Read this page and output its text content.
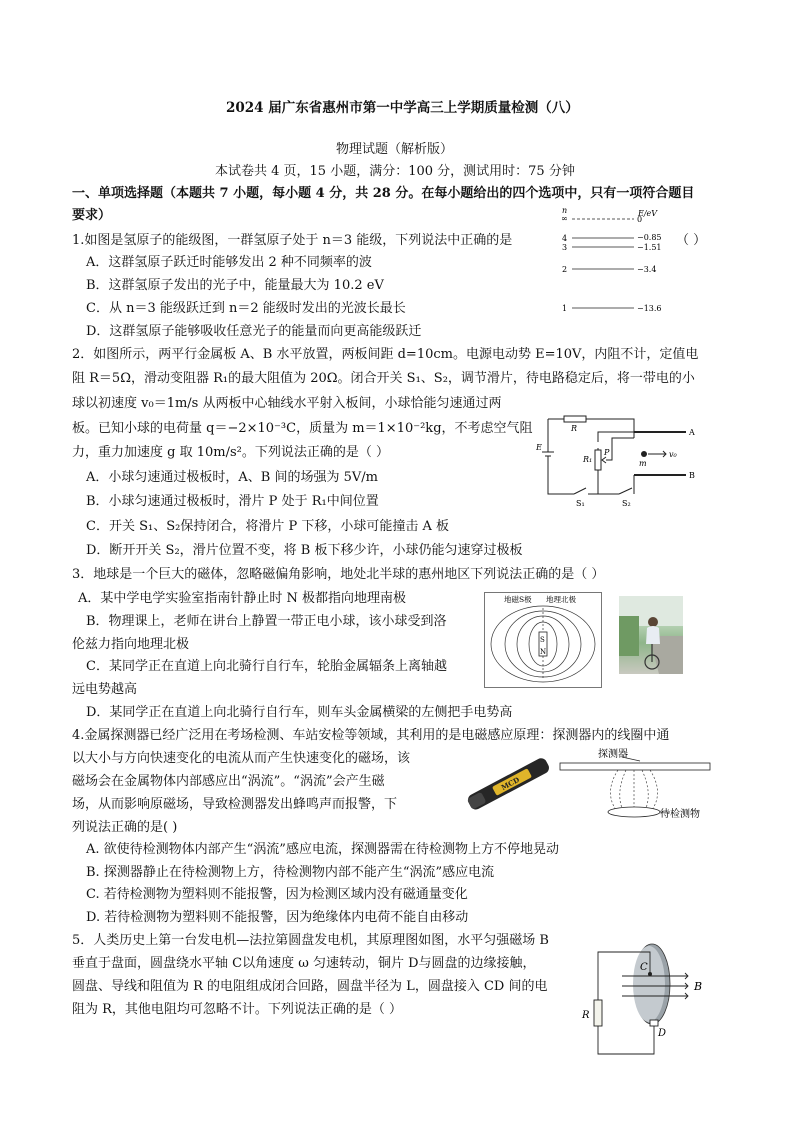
2024 届广东省惠州市第一中学高三上学期质量检测（八）
物理试题（解析版）
本试卷共 4 页，15 小题，满分：100 分，测试用时：75 分钟
一、单项选择题（本题共 7 小题，每小题 4 分，共 28 分。在每小题给出的四个选项中，只有一项符合题目
要求）
1.如图是氢原子的能级图，一群氢原子处于 n＝3 能级，下列说法中正确的是	（ ）
A．这群氢原子跃迁时能够发出 2 种不同频率的波
B．这群氢原子发出的光子中，能量最大为 10.2 eV
C．从 n＝3 能级跃迁到 n＝2 能级时发出的光波长最长
D．这群氢原子能够吸收任意光子的能量而向更高能级跃迁
n	E/eV
∞	0
4	−0.85
3	−1.51
2	−3.4
1	−13.6
2．如图所示，两平行金属板 A、B 水平放置，两板间距 d=10cm。电源电动势 E=10V，内阻不计，定值电
阻 R＝5Ω，滑动变阻器 R₁的最大阻值为 20Ω。闭合开关 S₁、S₂，调节滑片，待电路稳定后，将一带电的小
球以初速度 v₀＝1m/s 从两板中心轴线水平射入板间，小球恰能匀速通过两
板。已知小球的电荷量 q＝−2×10⁻³C，质量为 m＝1×10⁻²kg，不考虑空气阻
力，重力加速度 g 取 10m/s²。下列说法正确的是（ ）
A．小球匀速通过极板时，A、B 间的场强为 5V/m
B．小球匀速通过极板时，滑片 P 处于 R₁中间位置
C．开关 S₁、S₂保持闭合，将滑片 P 下移，小球可能撞击 A 板
D．断开开关 S₂，滑片位置不变，将 B 板下移少许，小球仍能匀速穿过极板
R
E
R₁
P
A
B
m
v₀
S₁	S₂
3．地球是一个巨大的磁体，忽略磁偏角影响，地处北半球的惠州地区下列说法正确的是（ ）
A．某中学电学实验室指南针静止时 N 极都指向地理南极
B．物理课上，老师在讲台上静置一带正电小球，该小球受到洛
伦兹力指向地理北极
C．某同学正在直道上向北骑行自行车，轮胎金属辐条上离轴越
远电势越高
D．某同学正在直道上向北骑行自行车，则车头金属横梁的左侧把手电势高
地磁S极 地理北极
S
N
4.金属探测器已经广泛用在考场检测、车站安检等领域，其利用的是电磁感应原理：探测器内的线圈中通
以大小与方向快速变化的电流从而产生快速变化的磁场，该
磁场会在金属物体内部感应出“涡流”。“涡流”会产生磁
场，从而影响原磁场，导致检测器发出蜂鸣声而报警，下
列说法正确的是( )
A. 欲使待检测物体内部产生“涡流”感应电流，探测器需在待检测物上方不停地晃动
B. 探测器静止在待检测物上方，待检测物内部不能产生“涡流”感应电流
C. 若待检测物为塑料则不能报警，因为检测区域内没有磁通量变化
D. 若待检测物为塑料则不能报警，因为绝缘体内电荷不能自由移动
MCD
探测器
待检测物
5．人类历史上第一台发电机—法拉第圆盘发电机，其原理图如图，水平匀强磁场 B
垂直于盘面，圆盘绕水平轴 C以角速度 ω 匀速转动，铜片 D与圆盘的边缘接触，
圆盘、导线和阻值为 R 的电阻组成闭合回路，圆盘半径为 L，圆盘接入 CD 间的电
阻为 R，其他电阻均可忽略不计。下列说法正确的是（ ）
C
B
R
D
